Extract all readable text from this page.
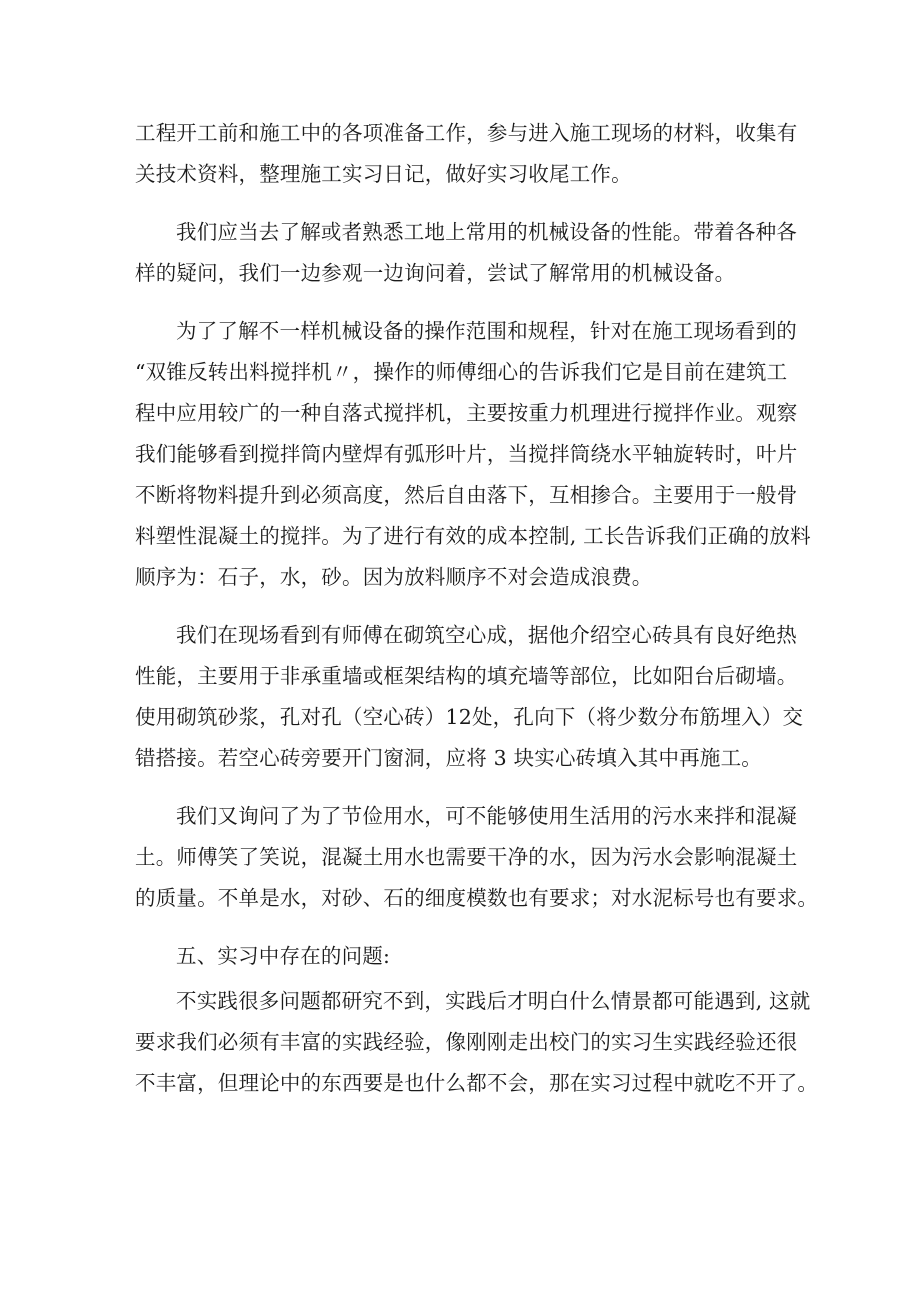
工程开工前和施工中的各项准备工作，参与进入施工现场的材料，收集有
关技术资料，整理施工实习日记，做好实习收尾工作。
我们应当去了解或者熟悉工地上常用的机械设备的性能。带着各种各
样的疑问，我们一边参观一边询问着，尝试了解常用的机械设备。
为了了解不一样机械设备的操作范围和规程，针对在施工现场看到的
“双锥反转出料搅拌机〃，操作的师傅细心的告诉我们它是目前在建筑工
程中应用较广的一种自落式搅拌机，主要按重力机理进行搅拌作业。观察
我们能够看到搅拌筒内壁焊有弧形叶片，当搅拌筒绕水平轴旋转时，叶片
不断将物料提升到必须高度，然后自由落下，互相掺合。主要用于一般骨
料塑性混凝土的搅拌。为了进行有效的成本控制, 工长告诉我们正确的放料
顺序为：石子，水，砂。因为放料顺序不对会造成浪费。
我们在现场看到有师傅在砌筑空心成，据他介绍空心砖具有良好绝热
性能，主要用于非承重墙或框架结构的填充墙等部位，比如阳台后砌墙。
使用砌筑砂浆，孔对孔（空心砖）12处，孔向下（将少数分布筋埋入）交
错搭接。若空心砖旁要开门窗洞，应将 3 块实心砖填入其中再施工。
我们又询问了为了节俭用水，可不能够使用生活用的污水来拌和混凝
土。师傅笑了笑说，混凝土用水也需要干净的水，因为污水会影响混凝土
的质量。不单是水，对砂、石的细度模数也有要求；对水泥标号也有要求。
五、实习中存在的问题:
不实践很多问题都研究不到，实践后才明白什么情景都可能遇到, 这就
要求我们必须有丰富的实践经验，像刚刚走出校门的实习生实践经验还很
不丰富，但理论中的东西要是也什么都不会，那在实习过程中就吃不开了。
